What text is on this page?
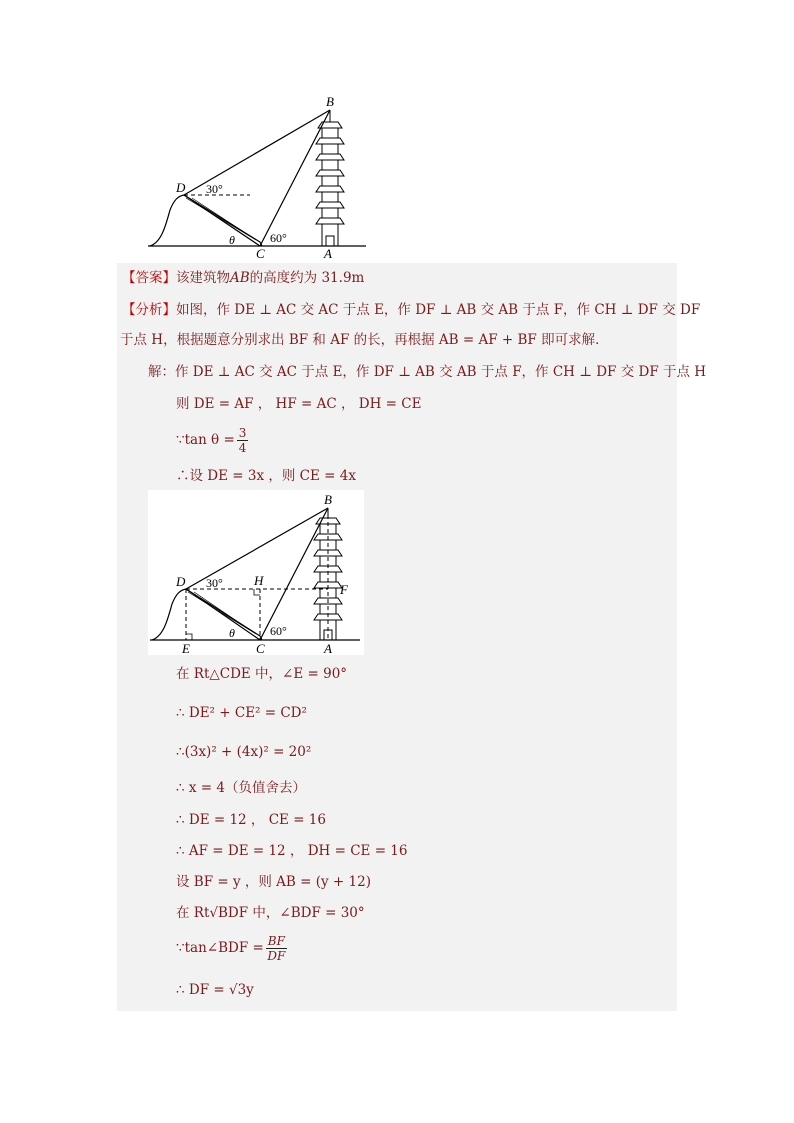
B
D 30°
θ	60°
C	A
【答案】该建筑物AB的高度约为 31.9m
【分析】如图，作 DE ⊥ AC 交 AC 于点 E，作 DF ⊥ AB 交 AB 于点 F，作 CH ⊥ DF 交 DF
于点 H，根据题意分别求出 BF 和 AF 的长，再根据 AB = AF + BF 即可求解．
解：作 DE ⊥ AC 交 AC 于点 E，作 DF ⊥ AB 交 AB 于点 F，作 CH ⊥ DF 交 DF 于点 H
则 DE = AF ， HF = AC ， DH = CE
∵tan $\theta = \frac{3}{4}$
∴设 DE = 3x ，则 CE = 4x
B
D 30° H
F
θ	60°
E	C	A
在 Rt△CDE 中，∠E = 90°
∴ DE² + CE² = CD²
∴(3x)² + (4x)² = 20²
∴ x = 4（负值舍去）
∴ DE = 12 ， CE = 16
∴ AF = DE = 12 ， DH = CE = 16
设 BF = y ，则 AB = (y + 12)
在 Rt√BDF 中，∠BDF = 30°
∵tan∠BDF = $\frac{BF}{DF}$
∴ DF = √3y
